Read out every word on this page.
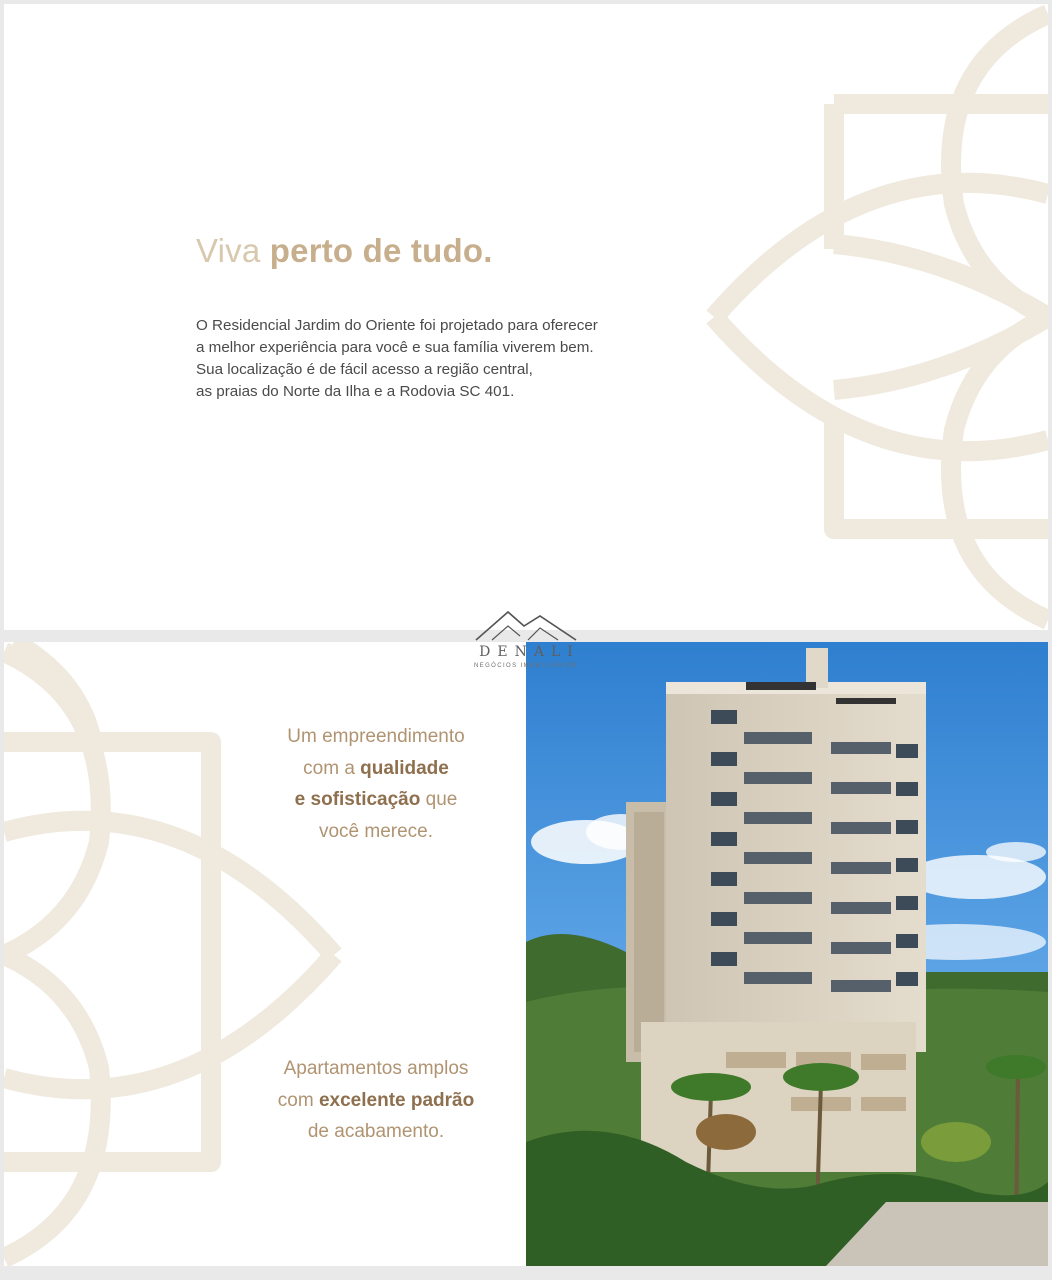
Viva perto de tudo.
O Residencial Jardim do Oriente foi projetado para oferecer
a melhor experiência para você e sua família viverem bem.
Sua localização é de fácil acesso a região central,
as praias do Norte da Ilha e a Rodovia SC 401.
Um empreendimento
com a qualidade
e sofisticação que
você merece.
Apartamentos amplos
com excelente padrão
de acabamento.
DENALI
NEGÓCIOS IMOBILIÁRIOS
